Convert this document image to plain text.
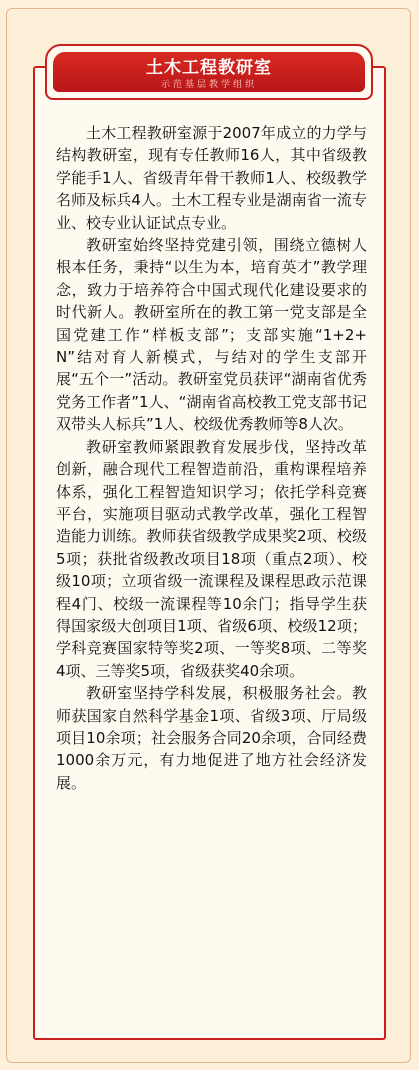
土木工程教研室
示范基层教学组织

土木工程教研室源于2007年成立的力学与结构教研室，现有专任教师16人，其中省级教学能手1人、省级青年骨干教师1人、校级教学名师及标兵4人。土木工程专业是湖南省一流专业、校专业认证试点专业。

教研室始终坚持党建引领，围绕立德树人根本任务，秉持“以生为本，培育英才”教学理念，致力于培养符合中国式现代化建设要求的时代新人。教研室所在的教工第一党支部是全国党建工作“样板支部”；支部实施“1+2+N”结对育人新模式，与结对的学生支部开展“五个一”活动。教研室党员获评“湖南省优秀党务工作者”1人、“湖南省高校教工党支部书记双带头人标兵”1人、校级优秀教师等8人次。

教研室教师紧跟教育发展步伐，坚持改革创新，融合现代工程智造前沿，重构课程培养体系，强化工程智造知识学习；依托学科竞赛平台，实施项目驱动式教学改革，强化工程智造能力训练。教师获省级教学成果奖2项、校级5项；获批省级教改项目18项（重点2项）、校级10项；立项省级一流课程及课程思政示范课程4门、校级一流课程等10余门；指导学生获得国家级大创项目1项、省级6项、校级12项；学科竞赛国家特等奖2项、一等奖8项、二等奖4项、三等奖5项，省级获奖40余项。

教研室坚持学科发展，积极服务社会。教师获国家自然科学基金1项、省级3项、厅局级项目10余项；社会服务合同20余项，合同经费1000余万元，有力地促进了地方社会经济发展。
